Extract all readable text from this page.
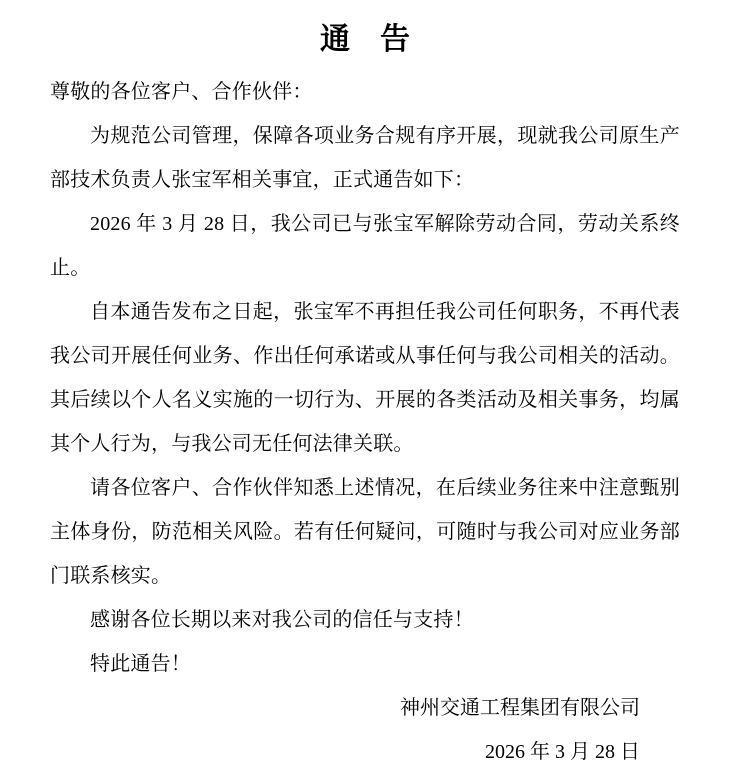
通　告

尊敬的各位客户、合作伙伴：

为规范公司管理，保障各项业务合规有序开展，现就我公司原生产部技术负责人张宝军相关事宜，正式通告如下：

2026 年 3 月 28 日，我公司已与张宝军解除劳动合同，劳动关系终止。

自本通告发布之日起，张宝军不再担任我公司任何职务，不再代表我公司开展任何业务、作出任何承诺或从事任何与我公司相关的活动。其后续以个人名义实施的一切行为、开展的各类活动及相关事务，均属其个人行为，与我公司无任何法律关联。

请各位客户、合作伙伴知悉上述情况，在后续业务往来中注意甄别主体身份，防范相关风险。若有任何疑问，可随时与我公司对应业务部门联系核实。

感谢各位长期以来对我公司的信任与支持！

特此通告！

神州交通工程集团有限公司

2026 年 3 月 28 日
